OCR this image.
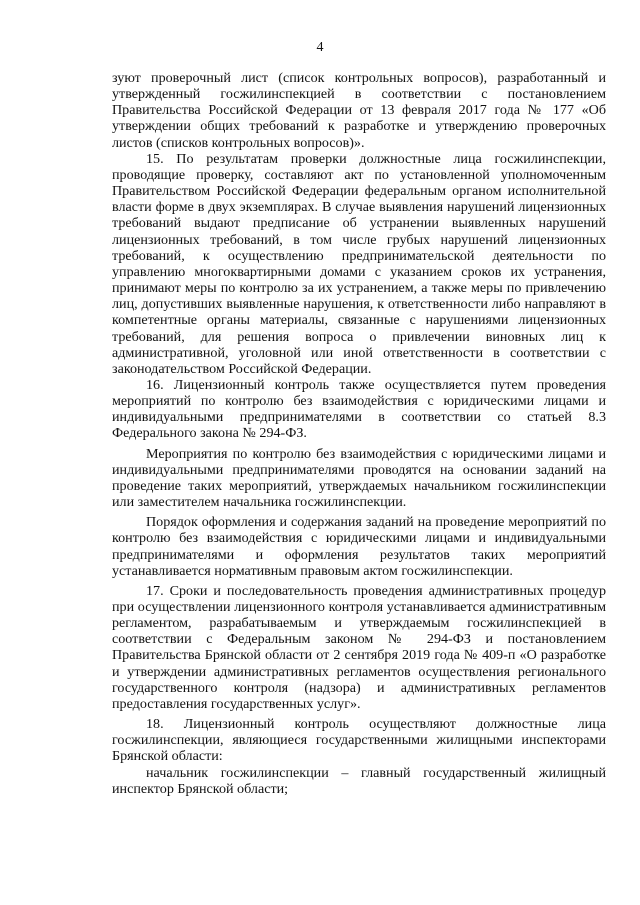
4

зуют проверочный лист (список контрольных вопросов), разработанный и утвержденный госжилинспекцией в соответствии с постановлением Правительства Российской Федерации от 13 февраля 2017 года № 177 «Об утверждении общих требований к разработке и утверждению проверочных листов (списков контрольных вопросов)».

15. По результатам проверки должностные лица госжилинспекции, проводящие проверку, составляют акт по установленной уполномоченным Правительством Российской Федерации федеральным органом исполнительной власти форме в двух экземплярах. В случае выявления нарушений лицензионных требований выдают предписание об устранении выявленных нарушений лицензионных требований, в том числе грубых нарушений лицензионных требований, к осуществлению предпринимательской деятельности по управлению многоквартирными домами с указанием сроков их устранения, принимают меры по контролю за их устранением, а также меры по привлечению лиц, допустивших выявленные нарушения, к ответственности либо направляют в компетентные органы материалы, связанные с нарушениями лицензионных требований, для решения вопроса о привлечении виновных лиц к административной, уголовной или иной ответственности в соответствии с законодательством Российской Федерации.

16. Лицензионный контроль также осуществляется путем проведения мероприятий по контролю без взаимодействия с юридическими лицами и индивидуальными предпринимателями в соответствии со статьей 8.3 Федерального закона № 294-ФЗ.

Мероприятия по контролю без взаимодействия с юридическими лицами и индивидуальными предпринимателями проводятся на основании заданий на проведение таких мероприятий, утверждаемых начальником госжилинспекции или заместителем начальника госжилинспекции.

Порядок оформления и содержания заданий на проведение мероприятий по контролю без взаимодействия с юридическими лицами и индивидуальными предпринимателями и оформления результатов таких мероприятий устанавливается нормативным правовым актом госжилинспекции.

17. Сроки и последовательность проведения административных процедур при осуществлении лицензионного контроля устанавливается административным регламентом, разрабатываемым и утверждаемым госжилинспекцией в соответствии с Федеральным законом № 294-ФЗ и постановлением Правительства Брянской области от 2 сентября 2019 года № 409-п «О разработке и утверждении административных регламентов осуществления регионального государственного контроля (надзора) и административных регламентов предоставления государственных услуг».

18. Лицензионный контроль осуществляют должностные лица госжилинспекции, являющиеся государственными жилищными инспекторами Брянской области:

начальник госжилинспекции – главный государственный жилищный инспектор Брянской области;
